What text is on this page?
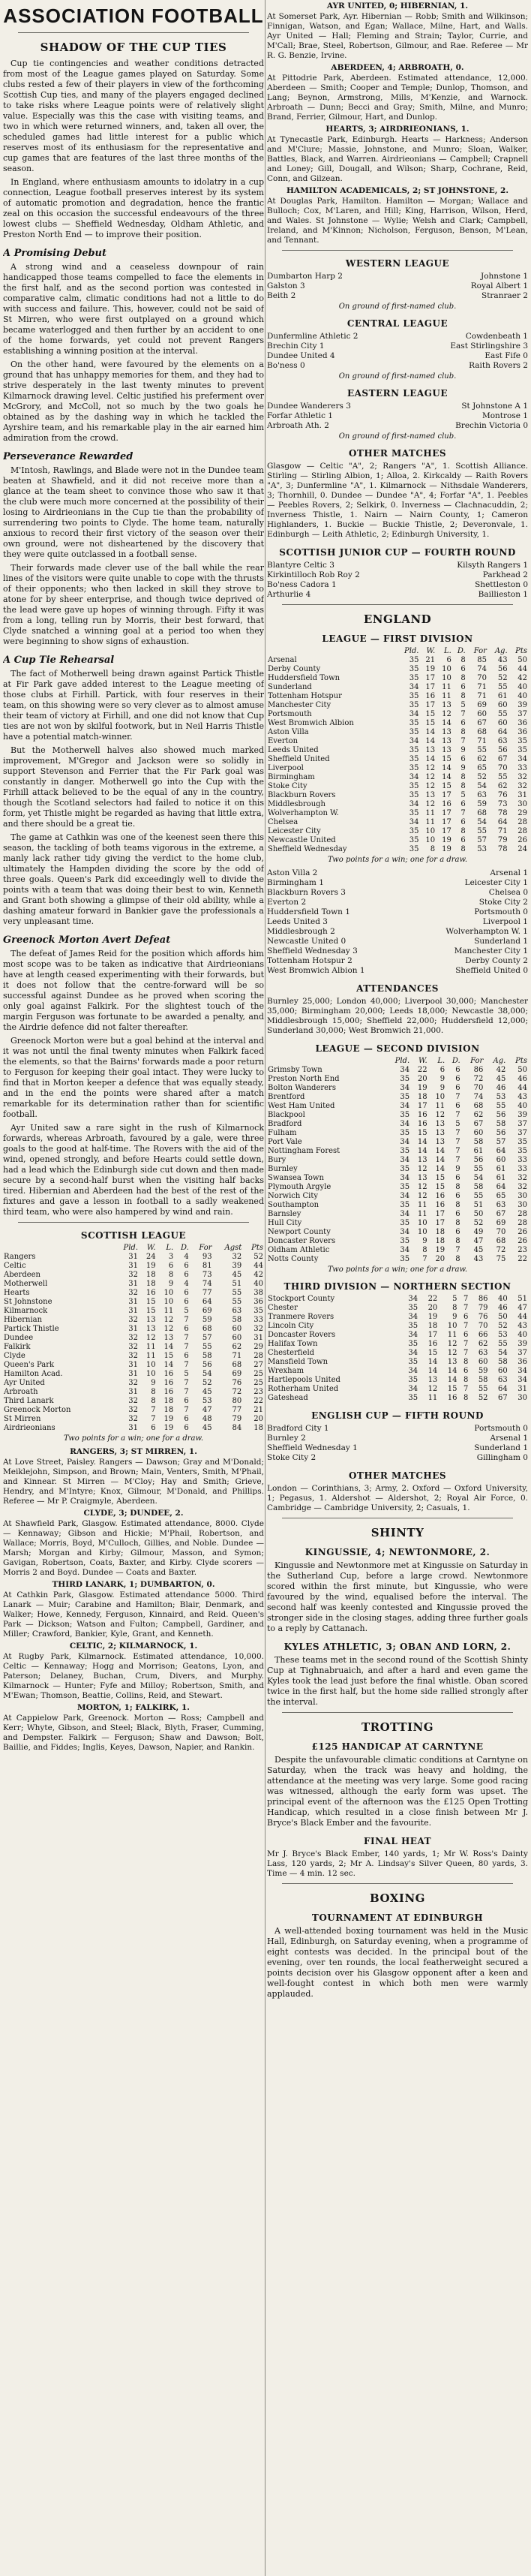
ASSOCIATION FOOTBALL
SHADOW OF THE CUP TIES

Cup tie contingencies and weather conditions detracted from most of the League games played on Saturday. Some clubs rested a few of their players in view of the forthcoming Scottish Cup ties, and many of the players engaged declined to take risks where League points were of relatively slight value. Especially was this the case with visiting teams, and two in which were returned winners, and, taken all over, the scheduled games had little interest for a public which reserves most of its enthusiasm for the representative and cup games that are features of the last three months of the season.

In England, where enthusiasm amounts to idolatry in a cup connection, League football preserves interest by its system of automatic promotion and degradation, hence the frantic zeal on this occasion the successful endeavours of the three lowest clubs — Sheffield Wednesday, Oldham Athletic, and Preston North End — to improve their position.

A Promising Debut

A strong wind and a ceaseless downpour of rain handicapped those teams compelled to face the elements in the first half, and as the second portion was contested in comparative calm, climatic conditions had not a little to do with success and failure. This, however, could not be said of St Mirren, who were first outplayed on a ground which became waterlogged and then further by an accident to one of the home forwards, yet could not prevent Rangers establishing a winning position at the interval.

On the other hand, were favoured by the elements on a ground that has unhappy memories for them, and they had to strive desperately in the last twenty minutes to prevent Kilmarnock drawing level. Celtic justified his preferment over McGrory, and McColl, not so much by the two goals he obtained as by the dashing way in which he tackled the Ayrshire team, and his remarkable play in the air earned him admiration from the crowd.

Perseverance Rewarded

M'Intosh, Rawlings, and Blade were not in the Dundee team beaten at Shawfield, and it did not receive more than a glance at the team sheet to convince those who saw it that the club were much more concerned at the possibility of their losing to Airdrieonians in the Cup tie than the probability of surrendering two points to Clyde. The home team, naturally anxious to record their first victory of the season over their own ground, were not disheartened by the discovery that they were quite outclassed in a football sense.

Their forwards made clever use of the ball while the rear lines of the visitors were quite unable to cope with the thrusts of their opponents; who then lacked in skill they strove to atone for by sheer enterprise, and though twice deprived of the lead were gave up hopes of winning through. Fifty it was from a long, telling run by Morris, their best forward, that Clyde snatched a winning goal at a period too when they were beginning to show signs of exhaustion.

A Cup Tie Rehearsal

The fact of Motherwell being drawn against Partick Thistle at Fir Park gave added interest to the League meeting of those clubs at Firhill. Partick, with four reserves in their team, on this showing were so very clever as to almost amuse their team of victory at Firhill, and one did not know that Cup ties are not won by skilful footwork, but in Neil Harris Thistle have a potential match-winner.

But the Motherwell halves also showed much marked improvement, M'Gregor and Jackson were so solidly in support Stevenson and Ferrier that the Fir Park goal was constantly in danger. Motherwell go into the Cup with the Firhill attack believed to be the equal of any in the country, though the Scotland selectors had failed to notice it on this form, yet Thistle might be regarded as having that little extra, and there should be a great tie.

The game at Cathkin was one of the keenest seen there this season, the tackling of both teams vigorous in the extreme, a manly lack rather tidy giving the verdict to the home club, ultimately the Hampden dividing the score by the odd of three goals. Queen's Park did exceedingly well to divide the points with a team that was doing their best to win, Kenneth and Grant both showing a glimpse of their old ability, while a dashing amateur forward in Bankier gave the professionals a very unpleasant time.

Greenock Morton Avert Defeat

The defeat of James Reid for the position which affords him most scope was to be taken as indicative that Airdrieonians have at length ceased experimenting with their forwards, but it does not follow that the centre-forward will be so successful against Dundee as he proved when scoring the only goal against Falkirk. For the slightest touch of the margin Ferguson was fortunate to be awarded a penalty, and the Airdrie defence did not falter thereafter.

Greenock Morton were but a goal behind at the interval and it was not until the final twenty minutes when Falkirk faced the elements, so that the Bairns' forwards made a poor return to Ferguson for keeping their goal intact. They were lucky to find that in Morton keeper a defence that was equally steady, and in the end the points were shared after a match remarkable for its determination rather than for scientific football.

Ayr United saw a rare sight in the rush of Kilmarnock forwards, whereas Arbroath, favoured by a gale, were three goals to the good at half-time. The Rovers with the aid of the wind, opened strongly, and before Hearts could settle down, had a lead which the Edinburgh side cut down and then made secure by a second-half burst when the visiting half backs tired. Hibernian and Aberdeen had the best of the rest of the fixtures and gave a lesson in football to a sadly weakened third team, who were also hampered by wind and rain.

SCOTTISH LEAGUE
	Pld.	W.	L.	D.	For	Agst	Pts
Rangers	31	24	3	4	93	32	52
Celtic	31	19	6	6	81	39	44
Aberdeen	32	18	8	6	73	45	42
Motherwell	31	18	9	4	74	51	40
Hearts	32	16	10	6	77	55	38
St Johnstone	31	15	10	6	64	55	36
Kilmarnock	31	15	11	5	69	63	35
Hibernian	32	13	12	7	59	58	33
Partick Thistle	31	13	12	6	68	60	32
Dundee	32	12	13	7	57	60	31
Falkirk	32	11	14	7	55	62	29
Clyde	32	11	15	6	58	71	28
Queen's Park	31	10	14	7	56	68	27
Hamilton Acad.	31	10	16	5	54	69	25
Ayr United	32	9	16	7	52	76	25
Arbroath	31	8	16	7	45	72	23
Third Lanark	32	8	18	6	53	80	22
Greenock Morton	32	7	18	7	47	77	21
St Mirren	32	7	19	6	48	79	20
Airdrieonians	31	6	19	6	45	84	18
Two points for a win; one for a draw.
RANGERS, 3; ST MIRREN, 1.
At Love Street, Paisley. Rangers — Dawson; Gray and M'Donald; Meiklejohn, Simpson, and Brown; Main, Venters, Smith, M'Phail, and Kinnear. St Mirren — M'Cloy; Hay and Smith; Grieve, Hendry, and M'Intyre; Knox, Gilmour, M'Donald, and Phillips. Referee — Mr P. Craigmyle, Aberdeen.
CLYDE, 3; DUNDEE, 2.
At Shawfield Park, Glasgow. Estimated attendance, 8000. Clyde — Kennaway; Gibson and Hickie; M'Phail, Robertson, and Wallace; Morris, Boyd, M'Culloch, Gillies, and Noble. Dundee — Marsh; Morgan and Kirby; Gilmour, Masson, and Symon; Gavigan, Robertson, Coats, Baxter, and Kirby. Clyde scorers — Morris 2 and Boyd. Dundee — Coats and Baxter.
THIRD LANARK, 1; DUMBARTON, 0.
At Cathkin Park, Glasgow. Estimated attendance 5000. Third Lanark — Muir; Carabine and Hamilton; Blair, Denmark, and Walker; Howe, Kennedy, Ferguson, Kinnaird, and Reid. Queen's Park — Dickson; Watson and Fulton; Campbell, Gardiner, and Miller; Crawford, Bankier, Kyle, Grant, and Kenneth.
CELTIC, 2; KILMARNOCK, 1.
At Rugby Park, Kilmarnock. Estimated attendance, 10,000. Celtic — Kennaway; Hogg and Morrison; Geatons, Lyon, and Paterson; Delaney, Buchan, Crum, Divers, and Murphy. Kilmarnock — Hunter; Fyfe and Milloy; Robertson, Smith, and M'Ewan; Thomson, Beattie, Collins, Reid, and Stewart.
MORTON, 1; FALKIRK, 1.
At Cappielow Park, Greenock. Morton — Ross; Campbell and Kerr; Whyte, Gibson, and Steel; Black, Blyth, Fraser, Cumming, and Dempster. Falkirk — Ferguson; Shaw and Dawson; Bolt, Baillie, and Fiddes; Inglis, Keyes, Dawson, Napier, and Rankin.
AYR UNITED, 0; HIBERNIAN, 1.
At Somerset Park, Ayr. Hibernian — Robb; Smith and Wilkinson; Finnigan, Watson, and Egan; Wallace, Milne, Hart, and Walls. Ayr United — Hall; Fleming and Strain; Taylor, Currie, and M'Call; Brae, Steel, Robertson, Gilmour, and Rae. Referee — Mr R. G. Benzie, Irvine.
ABERDEEN, 4; ARBROATH, 0.
At Pittodrie Park, Aberdeen. Estimated attendance, 12,000. Aberdeen — Smith; Cooper and Temple; Dunlop, Thomson, and Lang; Beynon, Armstrong, Mills, M'Kenzie, and Warnock. Arbroath — Dunn; Becci and Gray; Smith, Milne, and Munro; Brand, Ferrier, Gilmour, Hart, and Dunlop.
HEARTS, 3; AIRDRIEONIANS, 1.
At Tynecastle Park, Edinburgh. Hearts — Harkness; Anderson and M'Clure; Massie, Johnstone, and Munro; Sloan, Walker, Battles, Black, and Warren. Airdrieonians — Campbell; Crapnell and Loney; Gill, Dougall, and Wilson; Sharp, Cochrane, Reid, Conn, and Gilzean.
HAMILTON ACADEMICALS, 2; ST JOHNSTONE, 2.
At Douglas Park, Hamilton. Hamilton — Morgan; Wallace and Bulloch; Cox, M'Laren, and Hill; King, Harrison, Wilson, Herd, and Wales. St Johnstone — Wylie; Welsh and Clark; Campbell, Ireland, and M'Kinnon; Nicholson, Ferguson, Benson, M'Lean, and Tennant.
WESTERN LEAGUE
Dumbarton Harp 2	Johnstone 1
Galston 3	Royal Albert 1
Beith 2	Stranraer 2
On ground of first-named club.
CENTRAL LEAGUE
Dunfermline Athletic 2	Cowdenbeath 1
Brechin City 1	East Stirlingshire 3
Dundee United 4	East Fife 0
Bo'ness 0	Raith Rovers 2
On ground of first-named club.
EASTERN LEAGUE
Dundee Wanderers 3	St Johnstone A 1
Forfar Athletic 1	Montrose 1
Arbroath Ath. 2	Brechin Victoria 0
On ground of first-named club.
OTHER MATCHES
Glasgow — Celtic "A", 2; Rangers "A", 1. Scottish Alliance. Stirling — Stirling Albion, 1; Alloa, 2. Kirkcaldy — Raith Rovers "A", 3; Dunfermline "A", 1. Kilmarnock — Nithsdale Wanderers, 3; Thornhill, 0. Dundee — Dundee "A", 4; Forfar "A", 1. Peebles — Peebles Rovers, 2; Selkirk, 0. Inverness — Clachnacuddin, 2; Inverness Thistle, 1. Nairn — Nairn County, 1; Cameron Highlanders, 1. Buckie — Buckie Thistle, 2; Deveronvale, 1. Edinburgh — Leith Athletic, 2; Edinburgh University, 1.
SCOTTISH JUNIOR CUP — FOURTH ROUND
Blantyre Celtic 3	Kilsyth Rangers 1
Kirkintilloch Rob Roy 2	Parkhead 2
Bo'ness Cadora 1	Shettleston 0
Arthurlie 4	Baillieston 1
ENGLAND
LEAGUE — FIRST DIVISION
	Pld.	W.	L.	D.	For	Ag.	Pts
Arsenal	35	21	6	8	85	43	50
Derby County	35	19	10	6	74	56	44
Huddersfield Town	35	17	10	8	70	52	42
Sunderland	34	17	11	6	71	55	40
Tottenham Hotspur	35	16	11	8	71	61	40
Manchester City	35	17	13	5	69	60	39
Portsmouth	34	15	12	7	60	55	37
West Bromwich Albion	35	15	14	6	67	60	36
Aston Villa	35	14	13	8	68	64	36
Everton	34	14	13	7	71	63	35
Leeds United	35	13	13	9	55	56	35
Sheffield United	35	14	15	6	62	67	34
Liverpool	35	12	14	9	65	70	33
Birmingham	34	12	14	8	52	55	32
Stoke City	35	12	15	8	54	62	32
Blackburn Rovers	35	13	17	5	63	76	31
Middlesbrough	34	12	16	6	59	73	30
Wolverhampton W.	35	11	17	7	68	78	29
Chelsea	34	11	17	6	54	64	28
Leicester City	35	10	17	8	55	71	28
Newcastle United	35	10	19	6	57	79	26
Sheffield Wednesday	35	8	19	8	53	78	24
Two points for a win; one for a draw.
Aston Villa 2	Arsenal 1
Birmingham 1	Leicester City 1
Blackburn Rovers 3	Chelsea 0
Everton 2	Stoke City 2
Huddersfield Town 1	Portsmouth 0
Leeds United 3	Liverpool 1
Middlesbrough 2	Wolverhampton W. 1
Newcastle United 0	Sunderland 1
Sheffield Wednesday 3	Manchester City 1
Tottenham Hotspur 2	Derby County 2
West Bromwich Albion 1	Sheffield United 0
ATTENDANCES
Burnley 25,000; London 40,000; Liverpool 30,000; Manchester 35,000; Birmingham 20,000; Leeds 18,000; Newcastle 38,000; Middlesbrough 15,000; Sheffield 22,000; Huddersfield 12,000; Sunderland 30,000; West Bromwich 21,000.
LEAGUE — SECOND DIVISION
	Pld.	W.	L.	D.	For	Ag.	Pts
Grimsby Town	34	22	6	6	86	42	50
Preston North End	35	20	9	6	72	45	46
Bolton Wanderers	34	19	9	6	70	46	44
Brentford	35	18	10	7	74	53	43
West Ham United	34	17	11	6	68	55	40
Blackpool	35	16	12	7	62	56	39
Bradford	34	16	13	5	67	58	37
Fulham	35	15	13	7	60	56	37
Port Vale	34	14	13	7	58	57	35
Nottingham Forest	35	14	14	7	61	64	35
Bury	34	13	14	7	56	60	33
Burnley	35	12	14	9	55	61	33
Swansea Town	34	13	15	6	54	61	32
Plymouth Argyle	35	12	15	8	58	64	32
Norwich City	34	12	16	6	55	65	30
Southampton	35	11	16	8	51	63	30
Barnsley	34	11	17	6	50	67	28
Hull City	35	10	17	8	52	69	28
Newport County	34	10	18	6	49	70	26
Doncaster Rovers	35	9	18	8	47	68	26
Oldham Athletic	34	8	19	7	45	72	23
Notts County	35	7	20	8	43	75	22
Two points for a win; one for a draw.
THIRD DIVISION — NORTHERN SECTION
Stockport County	34	22	5	7	86	40	51
Chester	35	20	8	7	79	46	47
Tranmere Rovers	34	19	9	6	76	50	44
Lincoln City	35	18	10	7	70	52	43
Doncaster Rovers	34	17	11	6	66	53	40
Halifax Town	35	16	12	7	62	55	39
Chesterfield	34	15	12	7	63	54	37
Mansfield Town	35	14	13	8	60	58	36
Wrexham	34	14	14	6	59	60	34
Hartlepools United	35	13	14	8	58	63	34
Rotherham United	34	12	15	7	55	64	31
Gateshead	35	11	16	8	52	67	30
ENGLISH CUP — FIFTH ROUND
Bradford City 1	Portsmouth 0
Burnley 2	Arsenal 1
Sheffield Wednesday 1	Sunderland 1
Stoke City 2	Gillingham 0
OTHER MATCHES
London — Corinthians, 3; Army, 2. Oxford — Oxford University, 1; Pegasus, 1. Aldershot — Aldershot, 2; Royal Air Force, 0. Cambridge — Cambridge University, 2; Casuals, 1.
SHINTY
KINGUSSIE, 4; NEWTONMORE, 2.

Kingussie and Newtonmore met at Kingussie on Saturday in the Sutherland Cup, before a large crowd. Newtonmore scored within the first minute, but Kingussie, who were favoured by the wind, equalised before the interval. The second half was keenly contested and Kingussie proved the stronger side in the closing stages, adding three further goals to a reply by Cattanach.

KYLES ATHLETIC, 3; OBAN AND LORN, 2.

These teams met in the second round of the Scottish Shinty Cup at Tighnabruaich, and after a hard and even game the Kyles took the lead just before the final whistle. Oban scored twice in the first half, but the home side rallied strongly after the interval.

TROTTING
£125 HANDICAP AT CARNTYNE

Despite the unfavourable climatic conditions at Carntyne on Saturday, when the track was heavy and holding, the attendance at the meeting was very large. Some good racing was witnessed, although the early form was upset. The principal event of the afternoon was the £125 Open Trotting Handicap, which resulted in a close finish between Mr J. Bryce's Black Ember and the favourite.

FINAL HEAT
Mr J. Bryce's Black Ember, 140 yards, 1; Mr W. Ross's Dainty Lass, 120 yards, 2; Mr A. Lindsay's Silver Queen, 80 yards, 3. Time — 4 min. 12 sec.
BOXING
TOURNAMENT AT EDINBURGH

A well-attended boxing tournament was held in the Music Hall, Edinburgh, on Saturday evening, when a programme of eight contests was decided. In the principal bout of the evening, over ten rounds, the local featherweight secured a points decision over his Glasgow opponent after a keen and well-fought contest in which both men were warmly applauded.
